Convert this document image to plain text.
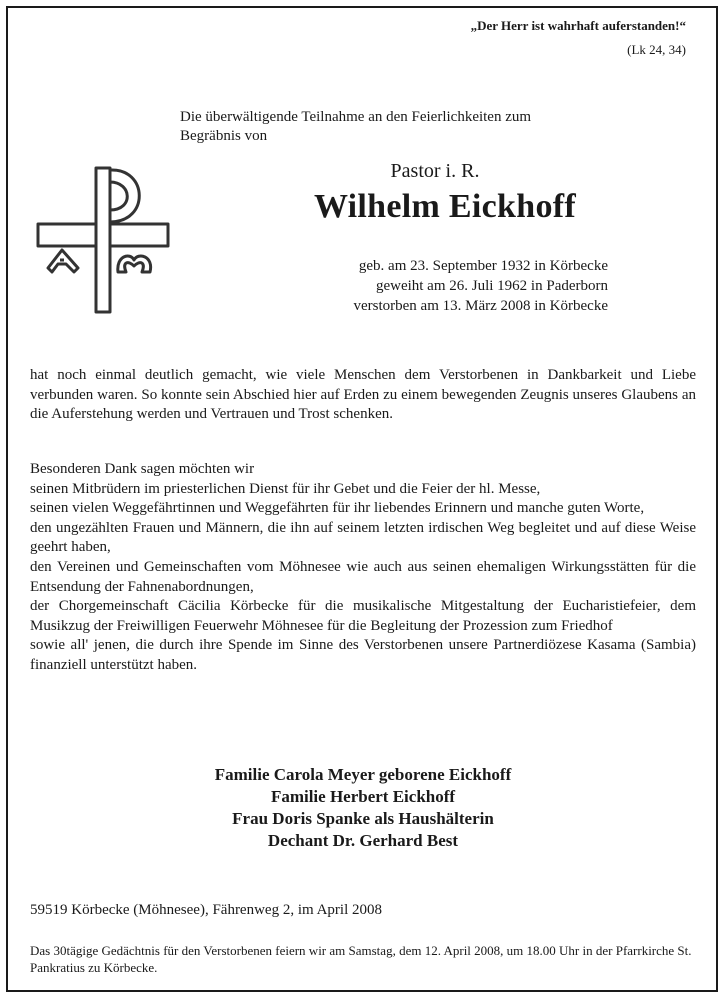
„Der Herr ist wahrhaft auferstanden!“
(Lk 24, 34)
Die überwältigende Teilnahme an den Feierlichkeiten zum
Begräbnis von
Pastor i. R.
Wilhelm Eickhoff
geb. am 23. September 1932 in Körbecke
geweiht am 26. Juli 1962 in Paderborn
verstorben am 13. März 2008 in Körbecke
hat noch einmal deutlich gemacht, wie viele Menschen dem Verstorbenen in Dankbarkeit und Liebe verbunden waren. So konnte sein Abschied hier auf Erden zu einem bewegenden Zeugnis unseres Glaubens an die Auferstehung werden und Vertrauen und Trost schenken.
Besonderen Dank sagen möchten wir
seinen Mitbrüdern im priesterlichen Dienst für ihr Gebet und die Feier der hl. Messe,
seinen vielen Weggefährtinnen und Weggefährten für ihr liebendes Erinnern und manche guten Worte,
den ungezählten Frauen und Männern, die ihn auf seinem letzten irdischen Weg begleitet und auf diese Weise geehrt haben,
den Vereinen und Gemeinschaften vom Möhnesee wie auch aus seinen ehemaligen Wirkungsstätten für die Entsendung der Fahnenabordnungen,
der Chorgemeinschaft Cäcilia Körbecke für die musikalische Mitgestaltung der Eucharistiefeier, dem Musikzug der Freiwilligen Feuerwehr Möhnesee für die Begleitung der Prozession zum Friedhof
sowie all' jenen, die durch ihre Spende im Sinne des Verstorbenen unsere Partnerdiözese Kasama (Sambia) finanziell unterstützt haben.
Familie Carola Meyer geborene Eickhoff
Familie Herbert Eickhoff
Frau Doris Spanke als Haushälterin
Dechant Dr. Gerhard Best
59519 Körbecke (Möhnesee), Fährenweg 2, im April 2008
Das 30tägige Gedächtnis für den Verstorbenen feiern wir am Samstag, dem 12. April 2008, um 18.00 Uhr in der Pfarrkirche St. Pankratius zu Körbecke.
